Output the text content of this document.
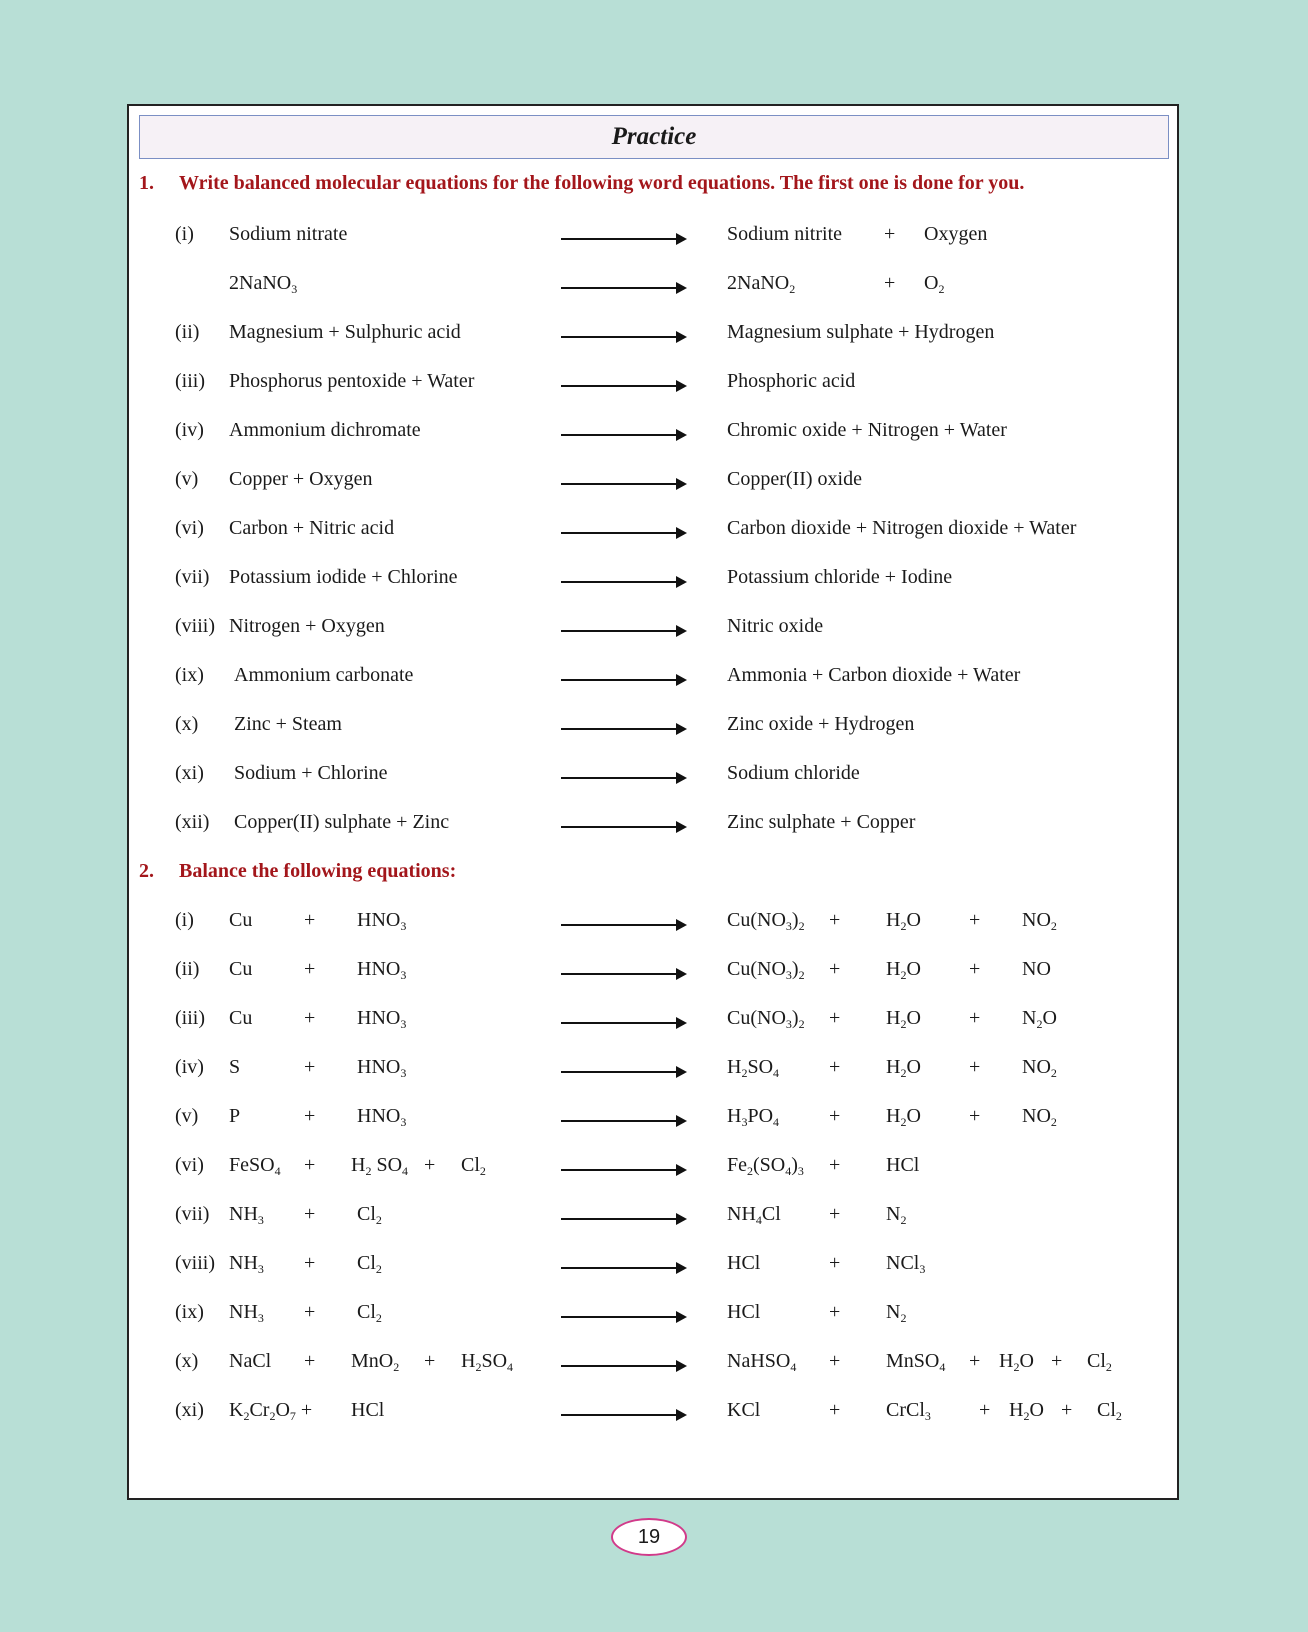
Practice
1. Write balanced molecular equations for the following word equations. The first one is done for you.
(i) Sodium nitrate	Sodium nitrite + Oxygen
2NaNO$_3$	2NaNO$_2$	+ $O_2$
(ii) Magnesium + Sulphuric acid	Magnesium sulphate + Hydrogen
(iii) Phosphorus pentoxide + Water	Phosphoric acid
(iv) Ammonium dichromate	Chromic oxide + Nitrogen + Water
(v) Copper + Oxygen	Copper(II) oxide
(vi) Carbon + Nitric acid	Carbon dioxide + Nitrogen dioxide + Water
(vii) Potassium iodide + Chlorine	Potassium chloride + Iodine
(viii) Nitrogen + Oxygen	Nitric oxide
(ix) Ammonium carbonate	Ammonia + Carbon dioxide + Water
(x) Zinc + Steam	Zinc oxide + Hydrogen
(xi) Sodium + Chlorine	Sodium chloride
(xii) Copper(II) sulphate + Zinc	Zinc sulphate + Copper
2. Balance the following equations:
(i) Cu	+ $HNO_3$	$Cu(NO_3)_2 + H_2O + NO_2$
(ii) Cu	+ $HNO_3$	$Cu(NO_3)_2 + H_2O$ + NO
(iii) Cu	+ $HNO_3$	$Cu(NO_3)_2 + H_2O + N_2O$
(iv) S	+ $HNO_3$	$H_2SO_4 + H_2O + NO_2$
(v) P	+ $HNO_3$	$H_3PO_4 + H_2O + NO_2$
(vi) FeSO$_4$ + $H_2$ $SO_4 + Cl_2$	$Fe_2(SO_4)_3$ + HCl
(vii) $NH_3 + Cl_2$	$NH_4Cl + N_2$
(viii) $NH_3 + Cl_2$	HCl	+ NCl$_3$
(ix) $NH_3 + Cl_2$	HCl	+ $N_2$
(x) NaCl + $MnO_2 + H_2SO_4$	NaHSO$_4$ + MnSO$_4$ + $H_2O + Cl_2$
(xi) $K_2Cr_2O_7$ + HCl	KCl	+ CrCl$_3$ + $H_2O + Cl_2$
19
